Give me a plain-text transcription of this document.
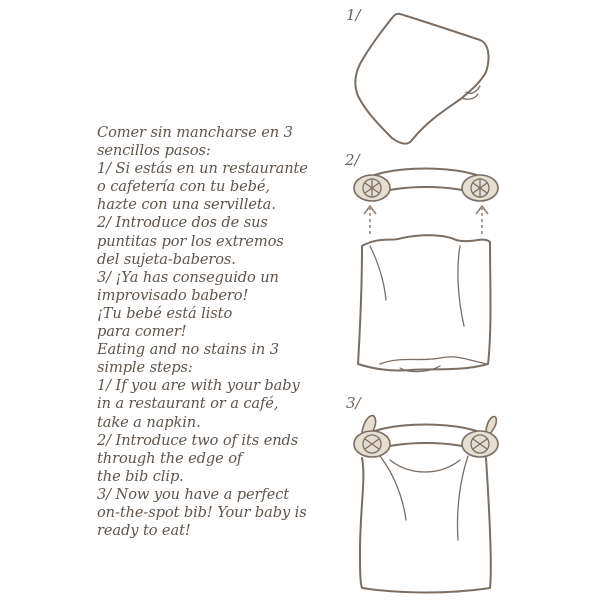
Comer sin mancharse en 3
sencillos pasos:
1/ Si estás en un restaurante
o cafetería con tu bebé,
hazte con una servilleta.
2/ Introduce dos de sus
puntitas por los extremos
del sujeta-baberos.
3/ ¡Ya has conseguido un
improvisado babero!
¡Tu bebé está listo
para comer!
Eating and no stains in 3
simple steps:
1/ If you are with your baby
in a restaurant or a café,
take a napkin.
2/ Introduce two of its ends
through the edge of
the bib clip.
3/ Now you have a perfect
on-the-spot bib! Your baby is
ready to eat!
1/
2/
3/
